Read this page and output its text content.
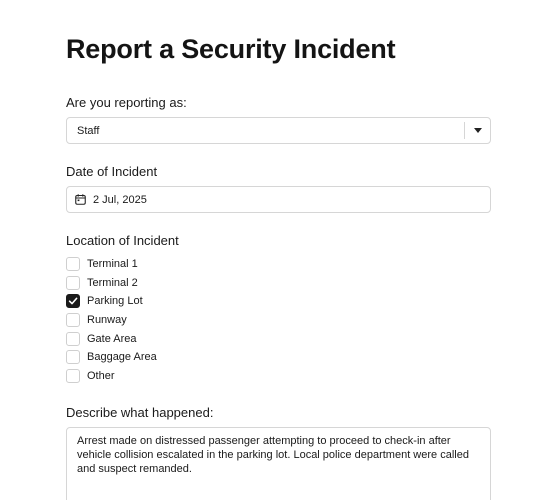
Report a Security Incident
Are you reporting as:
Staff
Date of Incident
2 Jul, 2025
Location of Incident
Terminal 1
Terminal 2
Parking Lot
Runway
Gate Area
Baggage Area
Other
Describe what happened:
Arrest made on distressed passenger attempting to proceed to check-in after vehicle collision escalated in the parking lot. Local police department were called and suspect remanded.
